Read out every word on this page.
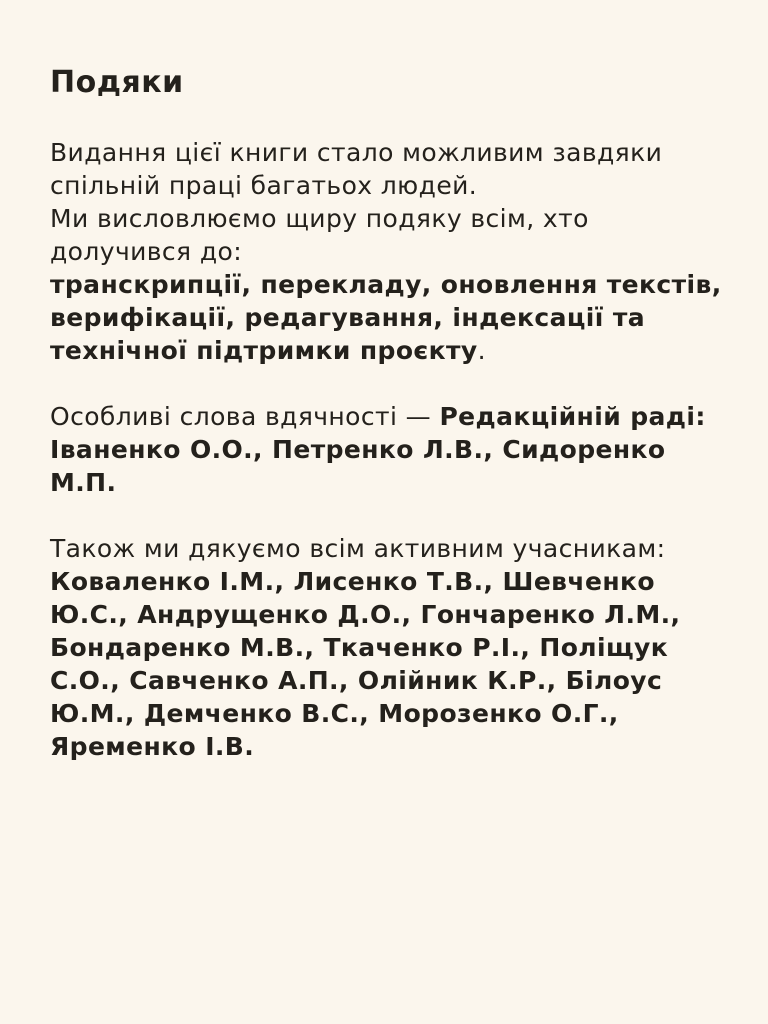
Подяки

Видання цієї книги стало можливим завдяки спільній праці багатьох людей.
Ми висловлюємо щиру подяку всім, хто долучився до:
транскрипції, перекладу, оновлення текстів, верифікації, редагування, індексації та технічної підтримки проєкту.

Особливі слова вдячності — Редакційній раді:
Іваненко О.О., Петренко Л.В., Сидоренко М.П.

Також ми дякуємо всім активним учасникам:
Коваленко І.М., Лисенко Т.В., Шевченко Ю.С., Андрущенко Д.О., Гончаренко Л.М., Бондаренко М.В., Ткаченко Р.І., Поліщук С.О., Савченко А.П., Олійник К.Р., Білоус Ю.М., Демченко В.С., Морозенко О.Г., Яременко І.В.
